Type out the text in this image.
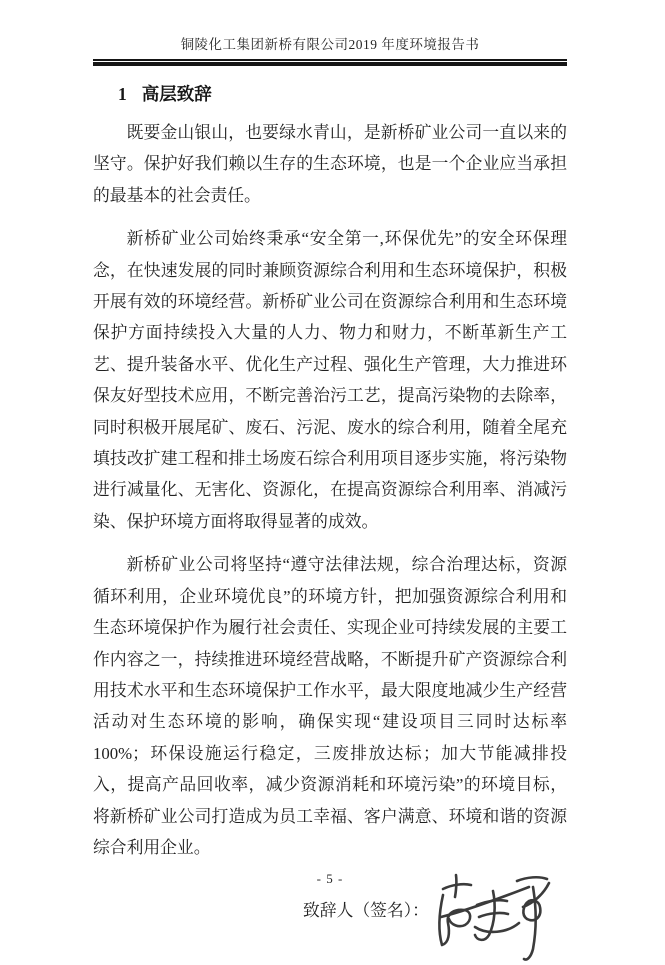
铜陵化工集团新桥有限公司2019 年度环境报告书
1 高层致辞

既要金山银山，也要绿水青山，是新桥矿业公司一直以来的坚守。保护好我们赖以生存的生态环境，也是一个企业应当承担的最基本的社会责任。

新桥矿业公司始终秉承“安全第一,环保优先”的安全环保理念，在快速发展的同时兼顾资源综合利用和生态环境保护，积极开展有效的环境经营。新桥矿业公司在资源综合利用和生态环境保护方面持续投入大量的人力、物力和财力，不断革新生产工艺、提升装备水平、优化生产过程、强化生产管理，大力推进环保友好型技术应用，不断完善治污工艺，提高污染物的去除率，同时积极开展尾矿、废石、污泥、废水的综合利用，随着全尾充填技改扩建工程和排土场废石综合利用项目逐步实施，将污染物进行减量化、无害化、资源化，在提高资源综合利用率、消减污染、保护环境方面将取得显著的成效。

新桥矿业公司将坚持“遵守法律法规，综合治理达标，资源循环利用，企业环境优良”的环境方针，把加强资源综合利用和生态环境保护作为履行社会责任、实现企业可持续发展的主要工作内容之一，持续推进环境经营战略，不断提升矿产资源综合利用技术水平和生态环境保护工作水平，最大限度地减少生产经营活动对生态环境的影响，确保实现“建设项目三同时达标率100%；环保设施运行稳定，三废排放达标；加大节能减排投入，提高产品回收率，减少资源消耗和环境污染”的环境目标，将新桥矿业公司打造成为员工幸福、客户满意、环境和谐的资源综合利用企业。

致辞人（签名）：
- 5 -
